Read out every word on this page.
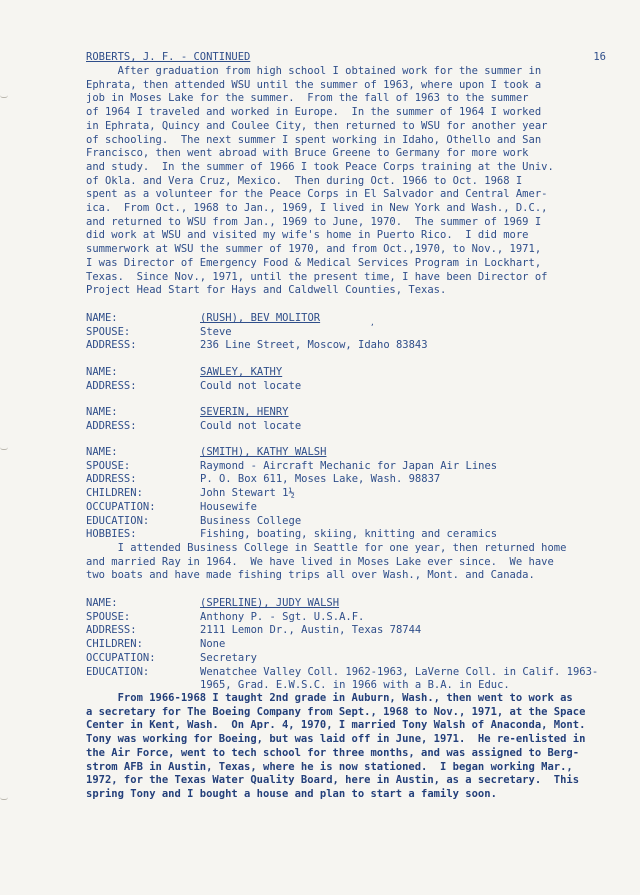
ROBERTS, J. F. - CONTINUED	16
After graduation from high school I obtained work for the summer in
Ephrata, then attended WSU until the summer of 1963, where upon I took a
job in Moses Lake for the summer.  From the fall of 1963 to the summer
of 1964 I traveled and worked in Europe.  In the summer of 1964 I worked
in Ephrata, Quincy and Coulee City, then returned to WSU for another year
of schooling.  The next summer I spent working in Idaho, Othello and San
Francisco, then went abroad with Bruce Greene to Germany for more work
and study.  In the summer of 1966 I took Peace Corps training at the Univ.
of Okla. and Vera Cruz, Mexico.  Then during Oct. 1966 to Oct. 1968 I
spent as a volunteer for the Peace Corps in El Salvador and Central Amer-
ica.  From Oct., 1968 to Jan., 1969, I lived in New York and Wash., D.C.,
and returned to WSU from Jan., 1969 to June, 1970.  The summer of 1969 I
did work at WSU and visited my wife's home in Puerto Rico.  I did more
summerwork at WSU the summer of 1970, and from Oct.,1970, to Nov., 1971,
I was Director of Emergency Food & Medical Services Program in Lockhart,
Texas.  Since Nov., 1971, until the present time, I have been Director of
Project Head Start for Hays and Caldwell Counties, Texas.
NAME:	(RUSH), BEV MOLITOR
SPOUSE:	Steve
ADDRESS:	236 Line Street, Moscow, Idaho 83843
NAME:	SAWLEY, KATHY
ADDRESS:	Could not locate
NAME:	SEVERIN, HENRY
ADDRESS:	Could not locate
NAME:	(SMITH), KATHY WALSH
SPOUSE:	Raymond - Aircraft Mechanic for Japan Air Lines
ADDRESS:	P. O. Box 611, Moses Lake, Wash. 98837
CHILDREN:	John Stewart 1½
OCCUPATION:	Housewife
EDUCATION:	Business College
HOBBIES:	Fishing, boating, skiing, knitting and ceramics
I attended Business College in Seattle for one year, then returned home
and married Ray in 1964.  We have lived in Moses Lake ever since.  We have
two boats and have made fishing trips all over Wash., Mont. and Canada.
NAME:	(SPERLINE), JUDY WALSH
SPOUSE:	Anthony P. - Sgt. U.S.A.F.
ADDRESS:	2111 Lemon Dr., Austin, Texas 78744
CHILDREN:	None
OCCUPATION:	Secretary
EDUCATION:	Wenatchee Valley Coll. 1962-1963, LaVerne Coll. in Calif. 1963-
1965, Grad. E.W.S.C. in 1966 with a B.A. in Educ.
From 1966-1968 I taught 2nd grade in Auburn, Wash., then went to work as
a secretary for The Boeing Company from Sept., 1968 to Nov., 1971, at the Space
Center in Kent, Wash.  On Apr. 4, 1970, I married Tony Walsh of Anaconda, Mont.
Tony was working for Boeing, but was laid off in June, 1971.  He re-enlisted in
the Air Force, went to tech school for three months, and was assigned to Berg-
strom AFB in Austin, Texas, where he is now stationed.  I began working Mar.,
1972, for the Texas Water Quality Board, here in Austin, as a secretary.  This
spring Tony and I bought a house and plan to start a family soon.
,
